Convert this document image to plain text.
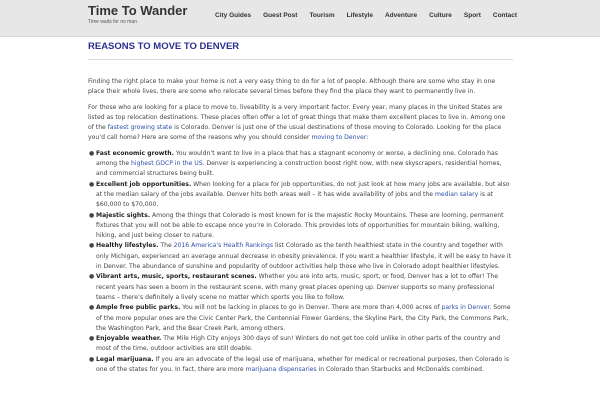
Time To Wander
Time waits for no man
City Guides Guest Post Tourism Lifestyle Adventure Culture Sport Contact
REASONS TO MOVE TO DENVER

Finding the right place to make your home is not a very easy thing to do for a lot of people. Although there are some who stay in one place their whole lives, there are some who relocate several times before they find the place they want to permanently live in.

For those who are looking for a place to move to, liveability is a very important factor. Every year, many places in the United States are listed as top relocation destinations. These places often offer a lot of great things that make them excellent places to live in. Among one of the fastest growing state is Colorado. Denver is just one of the usual destinations of those moving to Colorado. Looking for the place you’d call home? Here are some of the reasons why you should consider moving to Denver:

● Fast economic growth. You wouldn’t want to live in a place that has a stagnant economy or worse, a declining one. Colorado has among the highest GDCP in the US. Denver is experiencing a construction boost right now, with new skyscrapers, residential homes, and commercial structures being built.
● Excellent job opportunities. When looking for a place for job opportunities, do not just look at how many jobs are available, but also at the median salary of the jobs available. Denver hits both areas well – it has wide availability of jobs and the median salary is at $60,000 to $70,000.
● Majestic sights. Among the things that Colorado is most known for is the majestic Rocky Mountains. These are looming, permanent fixtures that you will not be able to escape once you’re in Colorado. This provides lots of opportunities for mountain biking, walking, hiking, and just being closer to nature.
● Healthy lifestyles. The 2016 America’s Health Rankings list Colorado as the tenth healthiest state in the country and together with only Michigan, experienced an average annual decrease in obesity prevalence. If you want a healthier lifestyle, it will be easy to have it in Denver. The abundance of sunshine and popularity of outdoor activities help those who live in Colorado adopt healthier lifestyles.
● Vibrant arts, music, sports, restaurant scenes. Whether you are into arts, music, sport, or food, Denver has a lot to offer! The recent years has seen a boom in the restaurant scene, with many great places opening up. Denver supports so many professional teams – there’s definitely a lively scene no matter which sports you like to follow.
● Ample free public parks. You will not be lacking in places to go in Denver. There are more than 4,000 acres of parks in Denver. Some of the more popular ones are the Civic Center Park, the Centennial Flower Gardens, the Skyline Park, the City Park, the Commons Park, the Washington Park, and the Bear Creek Park, among others.
● Enjoyable weather. The Mile High City enjoys 300 days of sun! Winters do not get too cold unlike in other parts of the country and most of the time, outdoor activities are still doable.
● Legal marijuana. If you are an advocate of the legal use of marijuana, whether for medical or recreational purposes, then Colorado is one of the states for you. In fact, there are more marijuana dispensaries in Colorado than Starbucks and McDonalds combined.
